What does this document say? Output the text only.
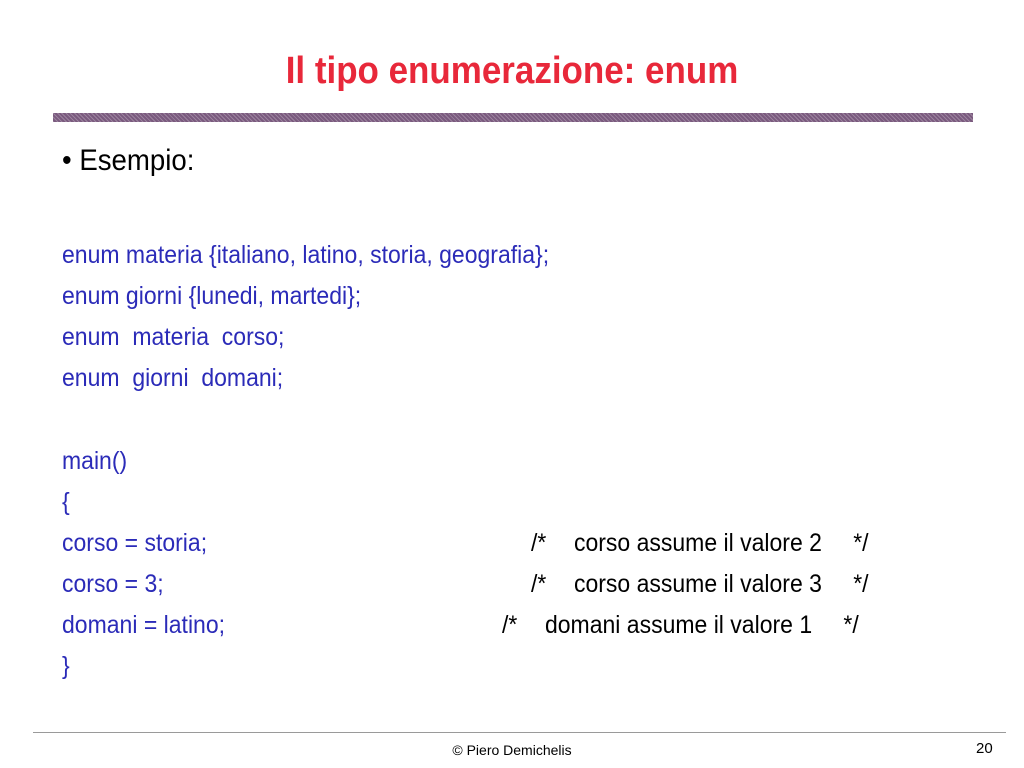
Il tipo enumerazione: enum
• Esempio:
enum materia {italiano, latino, storia, geografia};
enum giorni {lunedi, martedi};
enum  materia  corso;
enum  giorni  domani;
main()
{
corso = storia;
corso = 3;
domani = latino;
}
/* corso assume il valore 2 */
/* corso assume il valore 3 */
/* domani assume il valore 1 */
© Piero Demichelis	20
